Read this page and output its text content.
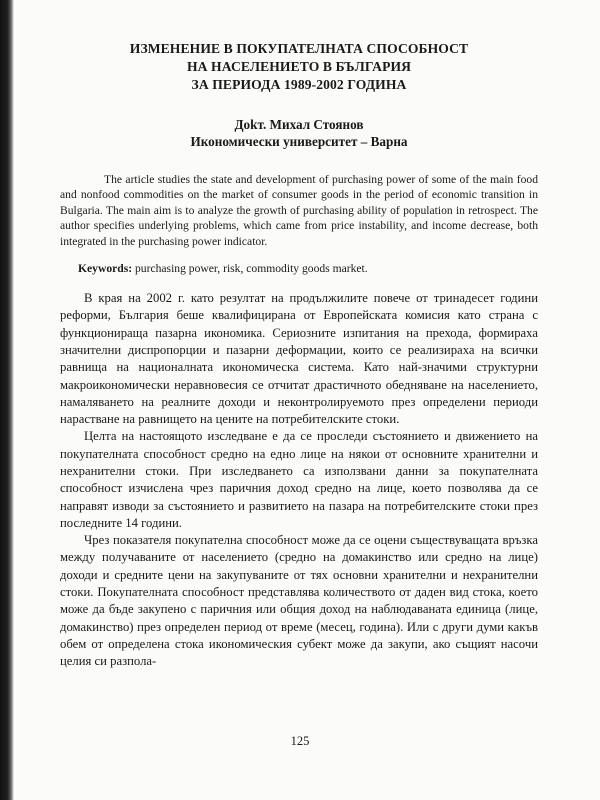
ИЗМЕНЕНИЕ В ПОКУПАТЕЛНАТА СПОСОБНОСТ
НА НАСЕЛЕНИЕТО В БЪЛГАРИЯ
ЗА ПЕРИОДА 1989-2002 ГОДИНА
Доkт. Михал Стоянов
Икономически университет – Варна

The article studies the state and development of purchasing power of some of the main food and nonfood commodities on the market of consumer goods in the period of economic transition in Bulgaria. The main aim is to analyze the growth of purchasing ability of population in retrospect. The author specifies underlying problems, which came from price instability, and income decrease, both integrated in the purchasing power indicator.

Keywords: purchasing power, risk, commodity goods market.

В края на 2002 г. като резултат на продължилите повече от тринадесет години реформи, България беше квалифицирана от Европейската комисия като страна с функционираща пазарна икономика. Сериозните изпитания на прехода, формираха значителни диспропорции и пазарни деформации, които се реализираха на всички равнища на националната икономическа система. Като най-значими структурни макроикономически неравновесия се отчитат драстичното обедняване на населението, намаляването на реалните доходи и неконтролируемото през определени периоди нарастване на равнището на цените на потребителските стоки.

Целта на настоящото изследване е да се проследи състоянието и движението на покупателната способност средно на едно лице на някои от основните хранителни и нехранителни стоки. При изследването са използвани данни за покупателната способност изчислена чрез паричния доход средно на лице, което позволява да се направят изводи за състоянието и развитието на пазара на потребителските стоки през последните 14 години.

Чрез показателя покупателна способност може да се оцени съществуващата връзка между получаваните от населението (средно на домакинство или средно на лице) доходи и средните цени на закупуваните от тях основни хранителни и нехранителни стоки. Покупателната способност представлява количеството от даден вид стока, което може да бъде закупено с паричния или общия доход на наблюдаваната единица (лице, домакинство) през определен период от време (месец, година). Или с други думи какъв обем от определена стока икономическия субект може да закупи, ако същият насочи целия си разпола-

125
